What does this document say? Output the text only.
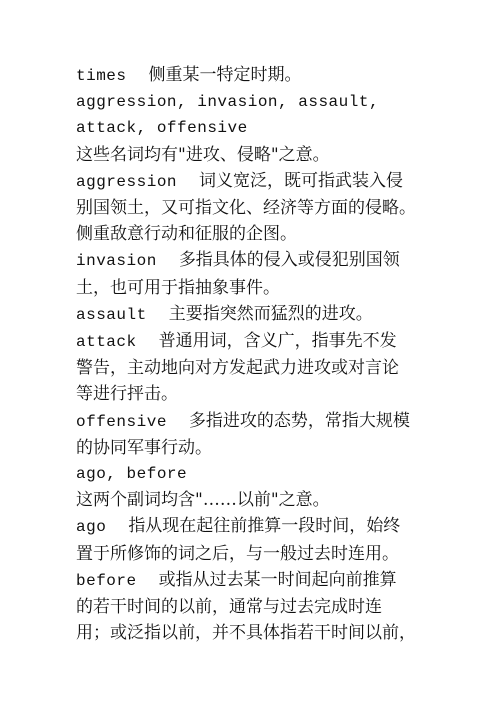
times 侧重某一特定时期。

aggression, invasion, assault,

attack, offensive

这些名词均有"进攻、侵略"之意。

aggression 词义宽泛，既可指武装入侵

别国领土，又可指文化、经济等方面的侵略。

侧重敌意行动和征服的企图。

invasion 多指具体的侵入或侵犯别国领

土，也可用于指抽象事件。

assault 主要指突然而猛烈的进攻。

attack 普通用词，含义广，指事先不发

警告，主动地向对方发起武力进攻或对言论

等进行抨击。

offensive 多指进攻的态势，常指大规模

的协同军事行动。

ago, before

这两个副词均含"……以前"之意。

ago 指从现在起往前推算一段时间，始终

置于所修饰的词之后，与一般过去时连用。

before 或指从过去某一时间起向前推算

的若干时间的以前，通常与过去完成时连

用；或泛指以前，并不具体指若干时间以前，
